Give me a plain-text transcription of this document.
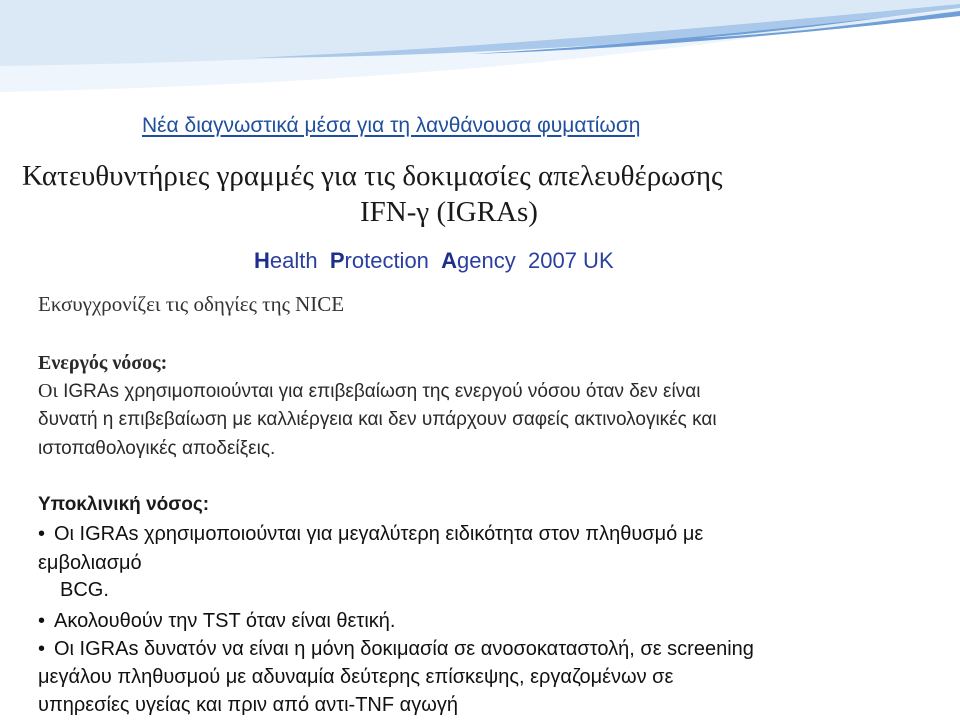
Νέα διαγνωστικά μέσα για τη λανθάνουσα φυματίωση
Κατευθυντήριες γραμμές για τις δοκιμασίες απελευθέρωσης
IFN-γ (IGRAs)
Health Protection Agency 2007 UK
Εκσυγχρονίζει τις οδηγίες της NICE
Ενεργός νόσος:
Οι IGRAs χρησιμοποιούνται για επιβεβαίωση της ενεργού νόσου όταν δεν είναι
δυνατή η επιβεβαίωση με καλλιέργεια και δεν υπάρχουν σαφείς ακτινολογικές και
ιστοπαθολογικές αποδείξεις.
Υποκλινική νόσος:
• Οι IGRAs χρησιμοποιούνται για μεγαλύτερη ειδικότητα στον πληθυσμό με
εμβολιασμό
BCG.
• Ακολουθούν την TST όταν είναι θετική.
• Οι IGRAs δυνατόν να είναι η μόνη δοκιμασία σε ανοσοκαταστολή, σε screening
μεγάλου πληθυσμού με αδυναμία δεύτερης επίσκεψης, εργαζομένων σε
υπηρεσίες υγείας και πριν από αντι-TNF αγωγή
